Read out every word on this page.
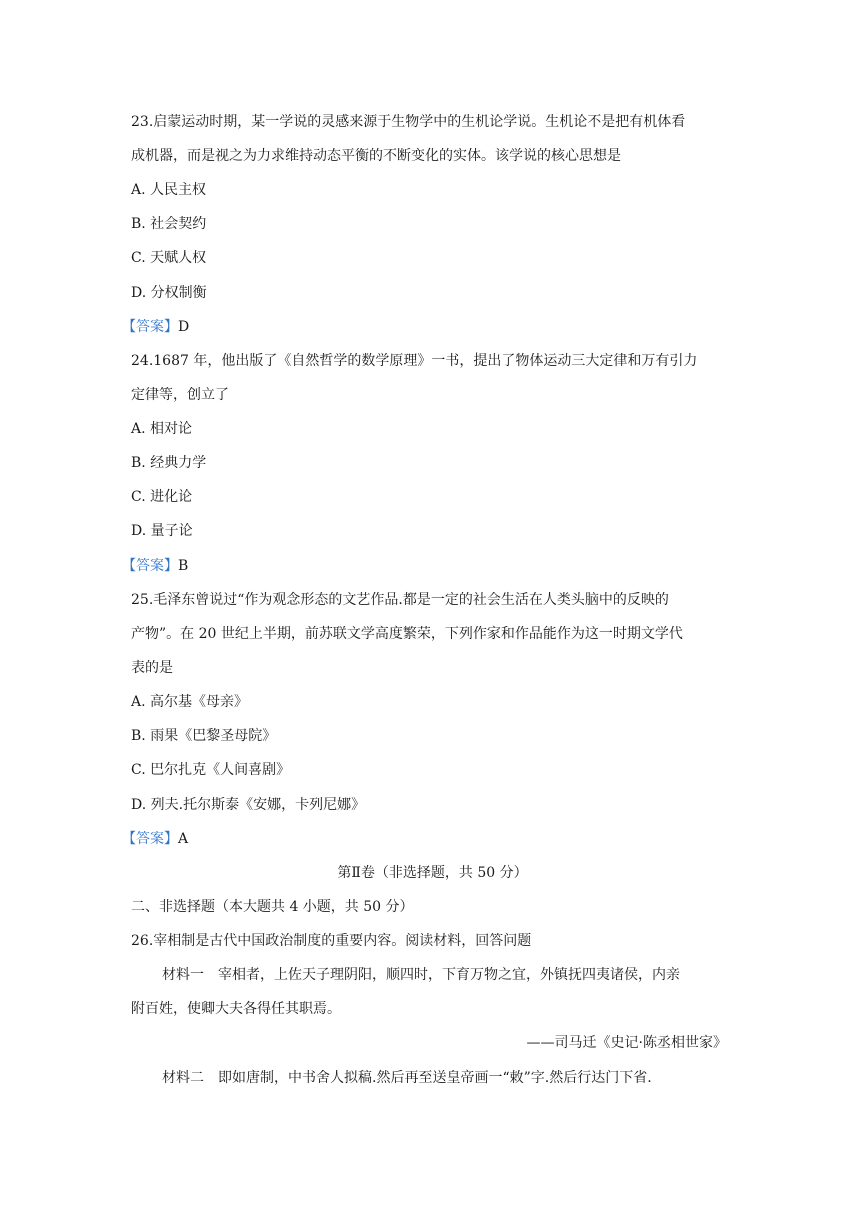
23.启蒙运动时期，某一学说的灵感来源于生物学中的生机论学说。生机论不是把有机体看
成机器，而是视之为力求维持动态平衡的不断变化的实体。该学说的核心思想是
A. 人民主权
B. 社会契约
C. 天赋人权
D. 分权制衡
【答案】D
24.1687 年，他出版了《自然哲学的数学原理》一书，提出了物体运动三大定律和万有引力
定律等，创立了
A. 相对论
B. 经典力学
C. 进化论
D. 量子论
【答案】B
25.毛泽东曾说过“作为观念形态的文艺作品.都是一定的社会生活在人类头脑中的反映的
产物”。在 20 世纪上半期，前苏联文学高度繁荣，下列作家和作品能作为这一时期文学代
表的是
A. 高尔基《母亲》
B. 雨果《巴黎圣母院》
C. 巴尔扎克《人间喜剧》
D. 列夫.托尔斯泰《安娜，卡列尼娜》
【答案】A
第Ⅱ卷（非选择题，共 50 分）
二、非选择题（本大题共 4 小题，共 50 分）
26.宰相制是古代中国政治制度的重要内容。阅读材料，回答问题
材料一　宰相者，上佐天子理阴阳，顺四时，下育万物之宜，外镇抚四夷诸侯，内亲
附百姓，使卿大夫各得任其职焉。
——司马迁《史记·陈丞相世家》
材料二　即如唐制，中书舍人拟稿.然后再至送皇帝画一“敕”字.然后行达门下省.
